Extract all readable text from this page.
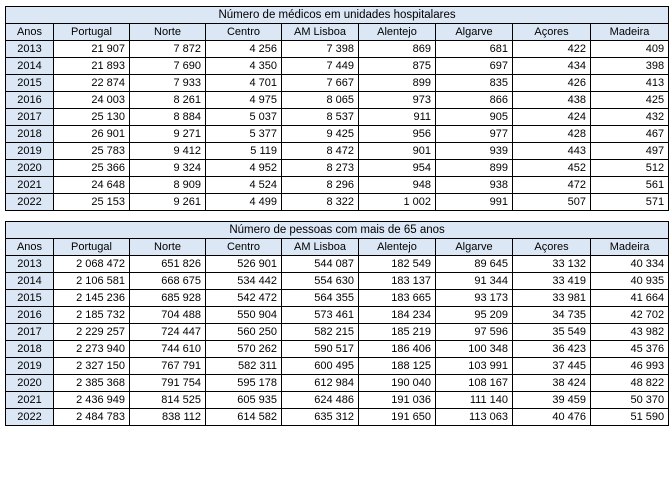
Número de médicos em unidades hospitalares								
Anos	Portugal	Norte	Centro	AM Lisboa	Alentejo	Algarve	Açores	Madeira
2013	21 907	7 872	4 256	7 398	869	681	422	409
2014	21 893	7 690	4 350	7 449	875	697	434	398
2015	22 874	7 933	4 701	7 667	899	835	426	413
2016	24 003	8 261	4 975	8 065	973	866	438	425
2017	25 130	8 884	5 037	8 537	911	905	424	432
2018	26 901	9 271	5 377	9 425	956	977	428	467
2019	25 783	9 412	5 119	8 472	901	939	443	497
2020	25 366	9 324	4 952	8 273	954	899	452	512
2021	24 648	8 909	4 524	8 296	948	938	472	561
2022	25 153	9 261	4 499	8 322	1 002	991	507	571
Número de pessoas com mais de 65 anos								
Anos	Portugal	Norte	Centro	AM Lisboa	Alentejo	Algarve	Açores	Madeira
2013	2 068 472	651 826	526 901	544 087	182 549	89 645	33 132	40 334
2014	2 106 581	668 675	534 442	554 630	183 137	91 344	33 419	40 935
2015	2 145 236	685 928	542 472	564 355	183 665	93 173	33 981	41 664
2016	2 185 732	704 488	550 904	573 461	184 234	95 209	34 735	42 702
2017	2 229 257	724 447	560 250	582 215	185 219	97 596	35 549	43 982
2018	2 273 940	744 610	570 262	590 517	186 406	100 348	36 423	45 376
2019	2 327 150	767 791	582 311	600 495	188 125	103 991	37 445	46 993
2020	2 385 368	791 754	595 178	612 984	190 040	108 167	38 424	48 822
2021	2 436 949	814 525	605 935	624 486	191 036	111 140	39 459	50 370
2022	2 484 783	838 112	614 582	635 312	191 650	113 063	40 476	51 590
